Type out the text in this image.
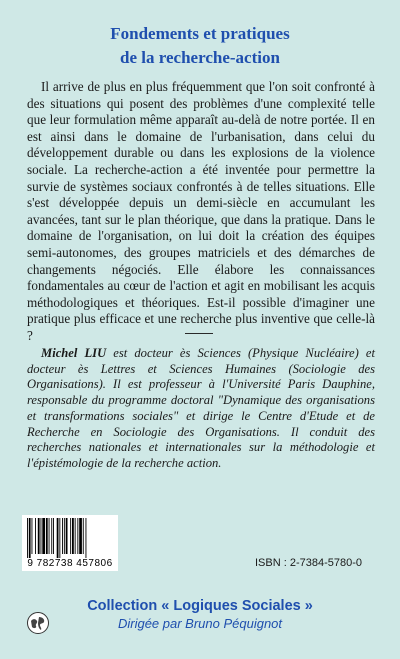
Fondements et pratiques
de la recherche-action

Il arrive de plus en plus fréquemment que l'on soit confronté à des situations qui posent des problèmes d'une complexité telle que leur formulation même apparaît au-delà de notre portée. Il en est ainsi dans le domaine de l'urbanisation, dans celui du développement durable ou dans les explosions de la violence sociale. La recherche-action a été inventée pour permettre la survie de systèmes sociaux confrontés à de telles situations. Elle s'est développée depuis un demi-siècle en accumulant les avancées, tant sur le plan théorique, que dans la pratique. Dans le domaine de l'organisation, on lui doit la création des équipes semi-autonomes, des groupes matriciels et des démarches de changements négociés. Elle élabore les connaissances fondamentales au cœur de l'action et agit en mobilisant les acquis méthodologiques et théoriques. Est-il possible d'imaginer une pratique plus efficace et une recherche plus inventive que celle-là ?

Michel LIU est docteur ès Sciences (Physique Nucléaire) et docteur ès Lettres et Sciences Humaines (Sociologie des Organisations). Il est professeur à l'Université Paris Dauphine, responsable du programme doctoral "Dynamique des organisations et transformations sociales" et dirige le Centre d'Etude et de Recherche en Sociologie des Organisations. Il conduit des recherches nationales et internationales sur la méthodologie et l'épistémologie de la recherche action.

9 782738 457806	ISBN : 2-7384-5780-0
Collection « Logiques Sociales »
Dirigée par Bruno Péquignot
